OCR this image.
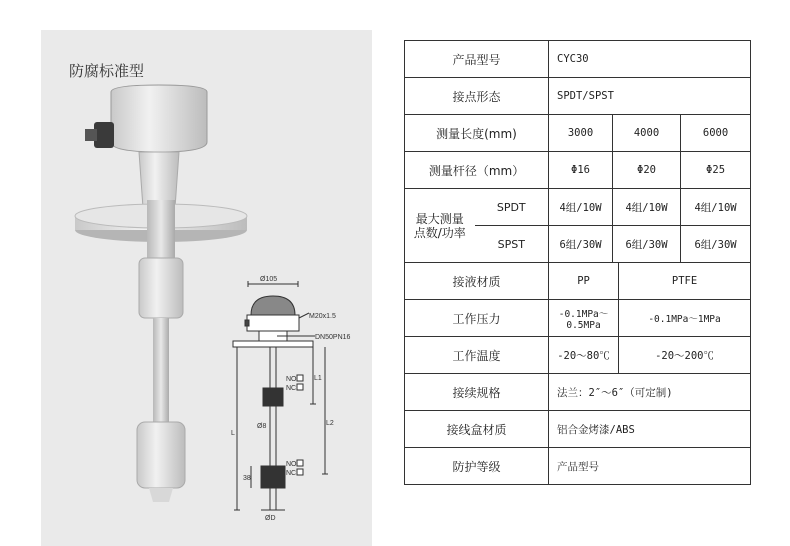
防腐标准型
Ø105
M20x1.5
DN50PN16
NO
NC
NO
NC
L1
L2
L
Ø8
38
ØD
产品型号		CYC30			
接点形态		SPDT/SPST			
测量长度(mm)		3000	4000		6000
测量杆径（mm）		Φ16	Φ20		Φ25

最大测量
点数/功率	SPDT	4组/10W	4组/10W		4组/10W
	SPST	6组/30W	6组/30W		6组/30W
接液材质		PP		PTFE	
工作压力		-0.1MPa～0.5MPa		-0.1MPa～1MPa	
工作温度		-20～80℃		-20～200℃	
接续规格		法兰：2″～6″（可定制)			
接线盒材质		铝合金烤漆/ABS			
防护等级		产品型号			
